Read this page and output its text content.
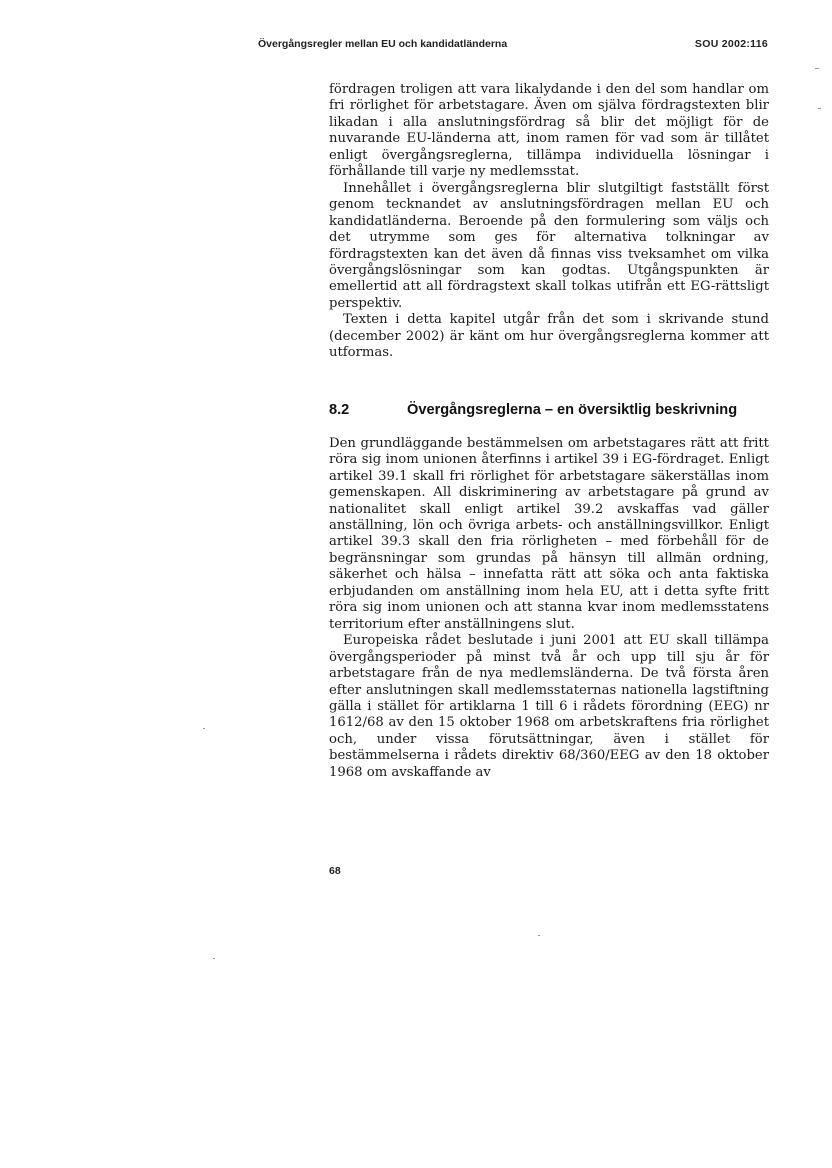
Övergångsregler mellan EU och kandidatländerna	SOU 2002:116

fördragen troligen att vara likalydande i den del som handlar om fri rörlighet för arbetstagare. Även om själva fördragstexten blir likadan i alla anslutningsfördrag så blir det möjligt för de nuvarande EU-länderna att, inom ramen för vad som är tillåtet enligt övergångsreglerna, tillämpa individuella lösningar i förhållande till varje ny medlemsstat.

Innehållet i övergångsreglerna blir slutgiltigt fastställt först genom tecknandet av anslutningsfördragen mellan EU och kandidatländerna. Beroende på den formulering som väljs och det utrymme som ges för alternativa tolkningar av fördragstexten kan det även då finnas viss tveksamhet om vilka övergångslösningar som kan godtas. Utgångspunkten är emellertid att all fördragstext skall tolkas utifrån ett EG-rättsligt perspektiv.

Texten i detta kapitel utgår från det som i skrivande stund (december 2002) är känt om hur övergångsreglerna kommer att utformas.

8.2	Övergångsreglerna – en översiktlig beskrivning

Den grundläggande bestämmelsen om arbetstagares rätt att fritt röra sig inom unionen återfinns i artikel 39 i EG-fördraget. Enligt artikel 39.1 skall fri rörlighet för arbetstagare säkerställas inom gemenskapen. All diskriminering av arbetstagare på grund av nationalitet skall enligt artikel 39.2 avskaffas vad gäller anställning, lön och övriga arbets- och anställningsvillkor. Enligt artikel 39.3 skall den fria rörligheten – med förbehåll för de begränsningar som grundas på hänsyn till allmän ordning, säkerhet och hälsa – innefatta rätt att söka och anta faktiska erbjudanden om anställning inom hela EU, att i detta syfte fritt röra sig inom unionen och att stanna kvar inom medlemsstatens territorium efter anställningens slut.

Europeiska rådet beslutade i juni 2001 att EU skall tillämpa övergångsperioder på minst två år och upp till sju år för arbetstagare från de nya medlemsländerna. De två första åren efter anslutningen skall medlemsstaternas nationella lagstiftning gälla i stället för artiklarna 1 till 6 i rådets förordning (EEG) nr 1612/68 av den 15 oktober 1968 om arbetskraftens fria rörlighet och, under vissa förutsättningar, även i stället för bestämmelserna i rådets direktiv 68/360/EEG av den 18 oktober 1968 om avskaffande av

68
